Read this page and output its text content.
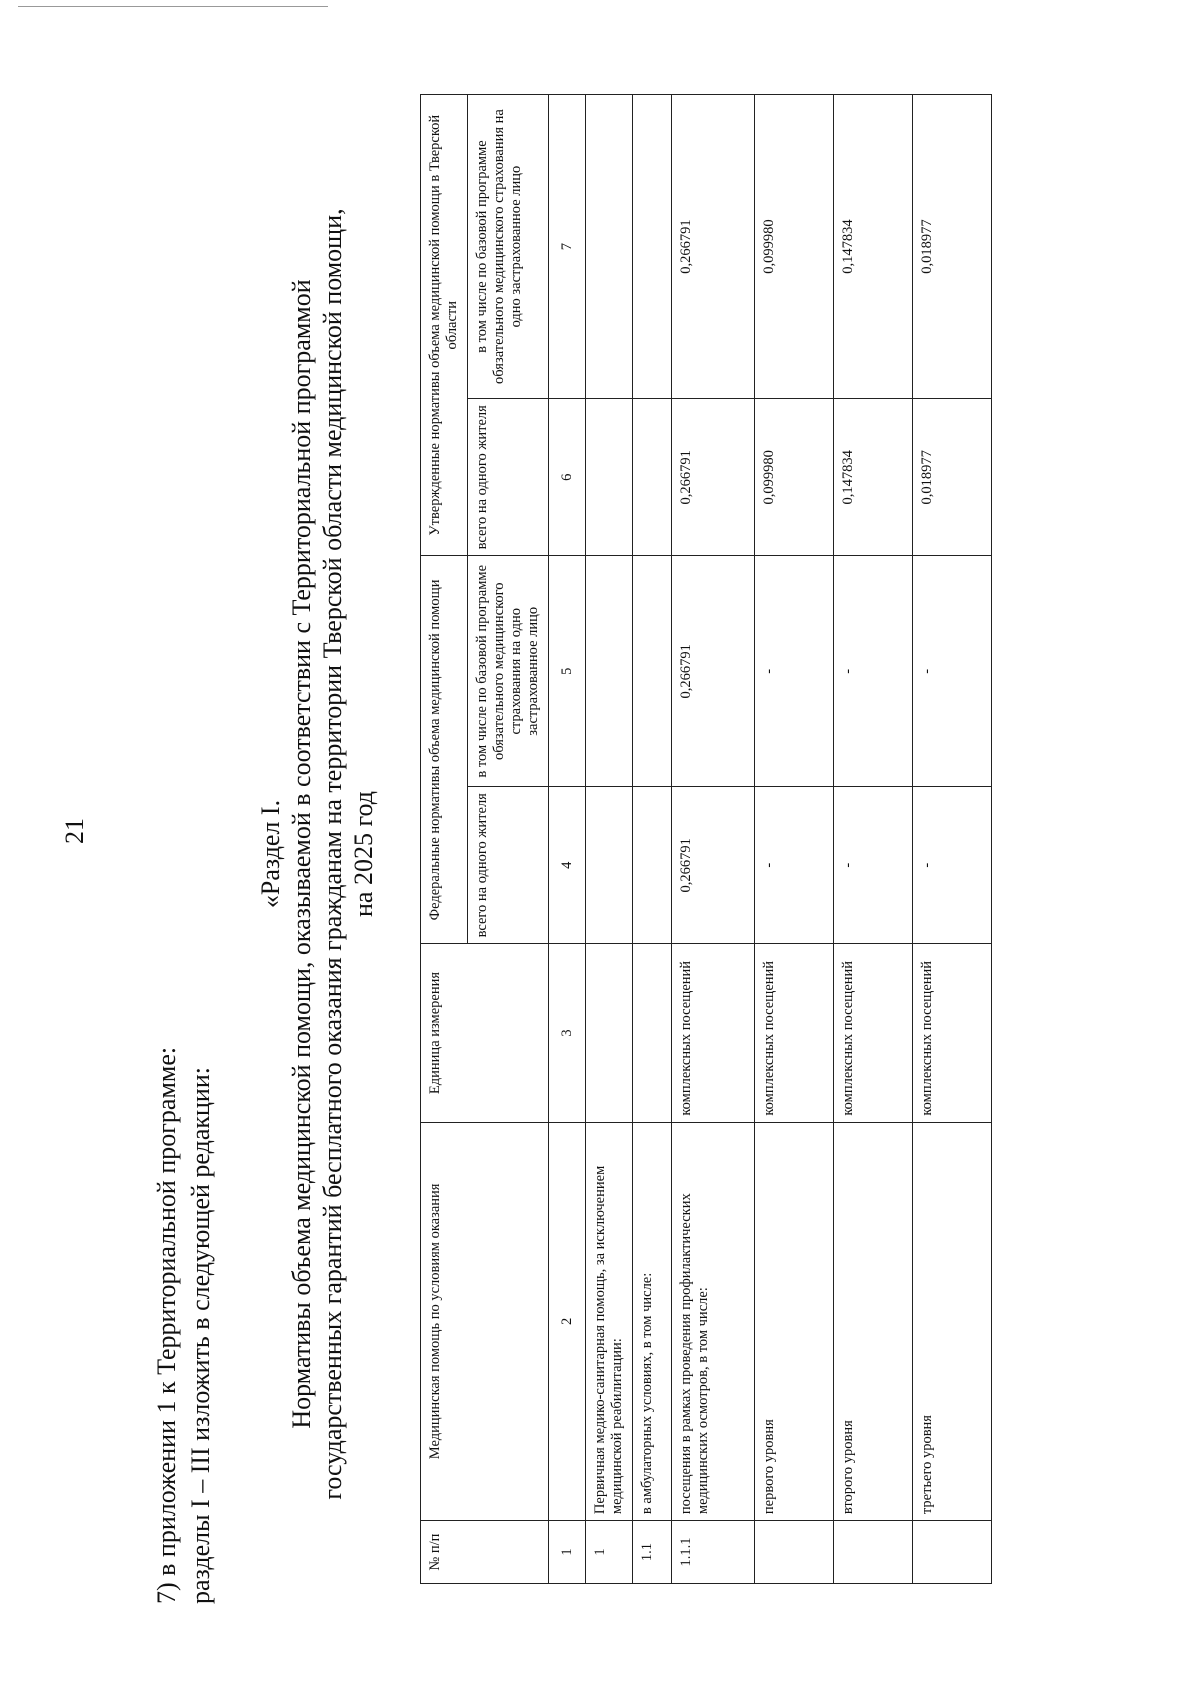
7) в приложении 1 к Территориальной программе: разделы I – III изложить в следующей редакции:
21	«Раздел I. Нормативы объема медицинской помощи, оказываемой в соответствии с Территориальной программой государственных гарантий бесплатного оказания гражданам на территории Тверской области медицинской помощи, на 2025 год
№ п/п	Медицинская помощь по условиям оказания	Единица измерения	Федеральные нормативы объема медицинской помощи		Утвержденные нормативы объема медицинской помощи в Тверской области	
			всего на одного жителя	в том числе по базовой программе обязательного медицинского страхования на одно застрахованное лицо	всего на одного жителя	в том числе по базовой программе обязательного медицинского страхования на одно застрахованное лицо
1	2	3	4	5	6	7
1	Первичная медико-санитарная помощь, за исключением медицинской реабилитации:					
1.1	в амбулаторных условиях, в том числе:					
1.1.1	посещения в рамках проведения профилактических медицинских осмотров, в том числе:	комплексных посещений	0,266791	0,266791	0,266791	0,266791
	первого уровня	комплексных посещений	-	-	0,099980	0,099980
	второго уровня	комплексных посещений	-	-	0,147834	0,147834
	третьего уровня	комплексных посещений	-	-	0,018977	0,018977
